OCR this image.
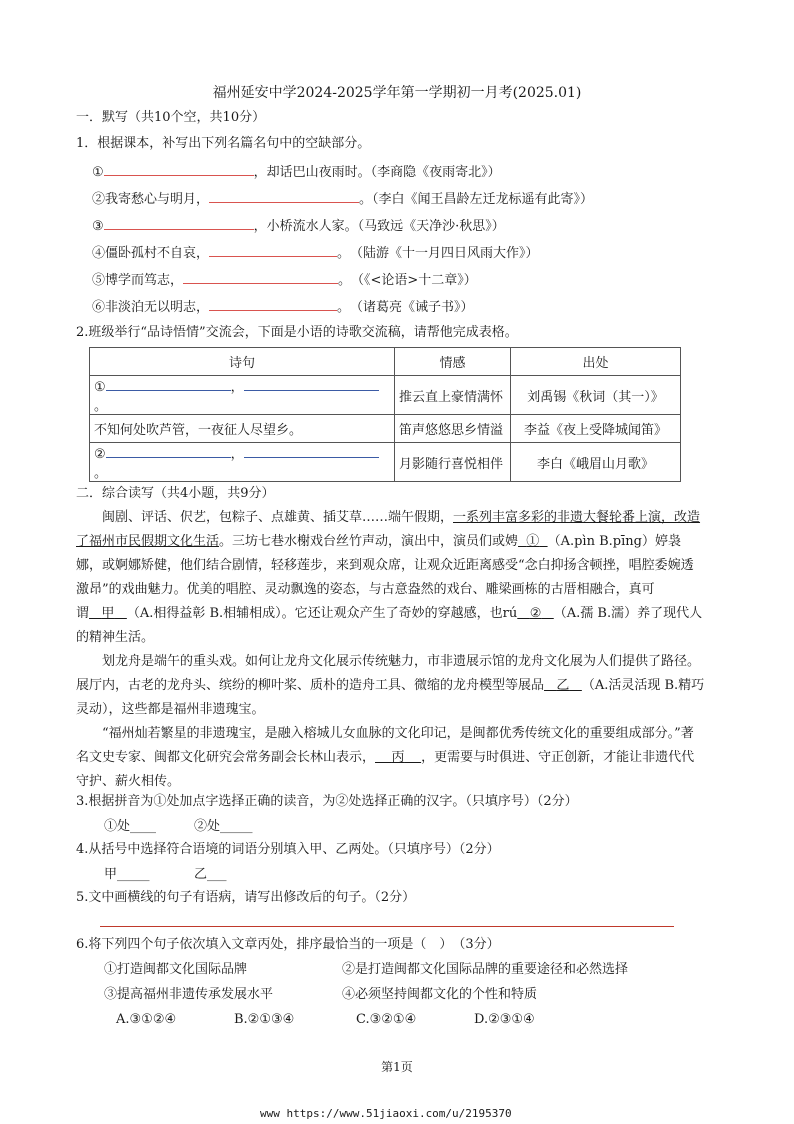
福州延安中学2024-2025学年第一学期初一月考(2025.01)
一．默写（共10个空，共10分）
1．根据课本，补写出下列名篇名句中的空缺部分。
①	，却话巴山夜雨时。（李商隐《夜雨寄北》）
②我寄愁心与明月，	。（李白《闻王昌龄左迁龙标遥有此寄》）
③	，小桥流水人家。（马致远《天净沙·秋思》）
④僵卧孤村不自哀，	。　（陆游《十一月四日风雨大作》）
⑤博学而笃志，	。　（《<论语>十二章》）
⑥非淡泊无以明志，	。　（诸葛亮《诫子书》）
2.班级举行“品诗悟情”交流会，下面是小语的诗歌交流稿，请帮他完成表格。
诗句	情感	出处
① ，。	推云直上豪情满怀	刘禹锡《秋词（其一）》
不知何处吹芦管，一夜征人尽望乡。	笛声悠悠思乡情溢	李益《夜上受降城闻笛》
② ，。	月影随行喜悦相伴	李白《峨眉山月歌》
二．综合读写（共4小题，共9分）
闽剧、评话、伬艺，包粽子、点雄黄、插艾草……端午假期，一系列丰富多彩的非遗大餐轮番上演，改造了福州市民假期文化生活。三坊七巷水榭戏台丝竹声动，演出中，演员们或娉 ① （A.pìn B.pīng）婷袅娜，或婀娜矫健，他们结合剧情，轻移莲步，来到观众席，让观众近距离感受“念白抑扬含顿挫，唱腔委婉透激昂”的戏曲魅力。优美的唱腔、灵动飘逸的姿态，与古意盎然的戏台、雕梁画栋的古厝相融合，真可谓 甲 （A.相得益彰 B.相辅相成）。它还让观众产生了奇妙的穿越感，也rú ② （A.孺 B.濡）养了现代人的精神生活。
划龙舟是端午的重头戏。如何让龙舟文化展示传统魅力，市非遗展示馆的龙舟文化展为人们提供了路径。展厅内，古老的龙舟头、缤纷的柳叶桨、质朴的造舟工具、微缩的龙舟模型等展品 乙 （A.活灵活现 B.精巧灵动），这些都是福州非遗瑰宝。
“福州灿若繁星的非遗瑰宝，是融入榕城儿女血脉的文化印记，是闽都优秀传统文化的重要组成部分。”著名文史专家、闽都文化研究会常务副会长林山表示， 丙 ，更需要与时俱进、守正创新，才能让非遗代代守护、薪火相传。
3.根据拼音为①处加点字选择正确的读音，为②处选择正确的汉字。（只填序号）（2分）
①处____	②处_____
4.从括号中选择符合语境的词语分别填入甲、乙两处。（只填序号）（2分）
甲_____	乙___
5.文中画横线的句子有语病，请写出修改后的句子。（2分）
6.将下列四个句子依次填入文章丙处，排序最恰当的一项是（　）　（3分）
①打造闽都文化国际品牌	②是打造闽都文化国际品牌的重要途径和必然选择
③提高福州非遗传承发展水平	④必须坚持闽都文化的个性和特质
A.③①②④	B.②①③④	C.③②①④	D.②③①④
第1页
www https://www.51jiaoxi.com/u/2195370
